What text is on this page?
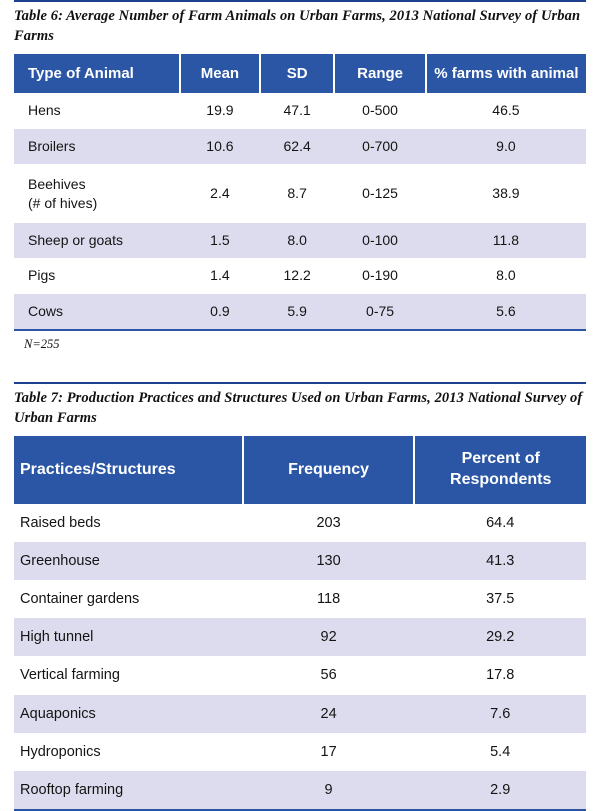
Table 6: Average Number of Farm Animals on Urban Farms, 2013 National Survey of Urban Farms
Type of Animal	Mean	SD	Range	% farms with animal
Hens	19.9	47.1	0-500	46.5
Broilers	10.6	62.4	0-700	9.0

Beehives
(# of hives)	2.4	8.7	0-125	38.9
Sheep or goats	1.5	8.0	0-100	11.8
Pigs	1.4	12.2	0-190	8.0
Cows	0.9	5.9	0-75	5.6
N=255
Table 7: Production Practices and Structures Used on Urban Farms, 2013 National Survey of Urban Farms
Practices/Structures	Frequency	Percent of
Respondents

Raised beds	203	64.4
Greenhouse	130	41.3
Container gardens	118	37.5
High tunnel	92	29.2
Vertical farming	56	17.8
Aquaponics	24	7.6
Hydroponics	17	5.4
Rooftop farming	9	2.9
